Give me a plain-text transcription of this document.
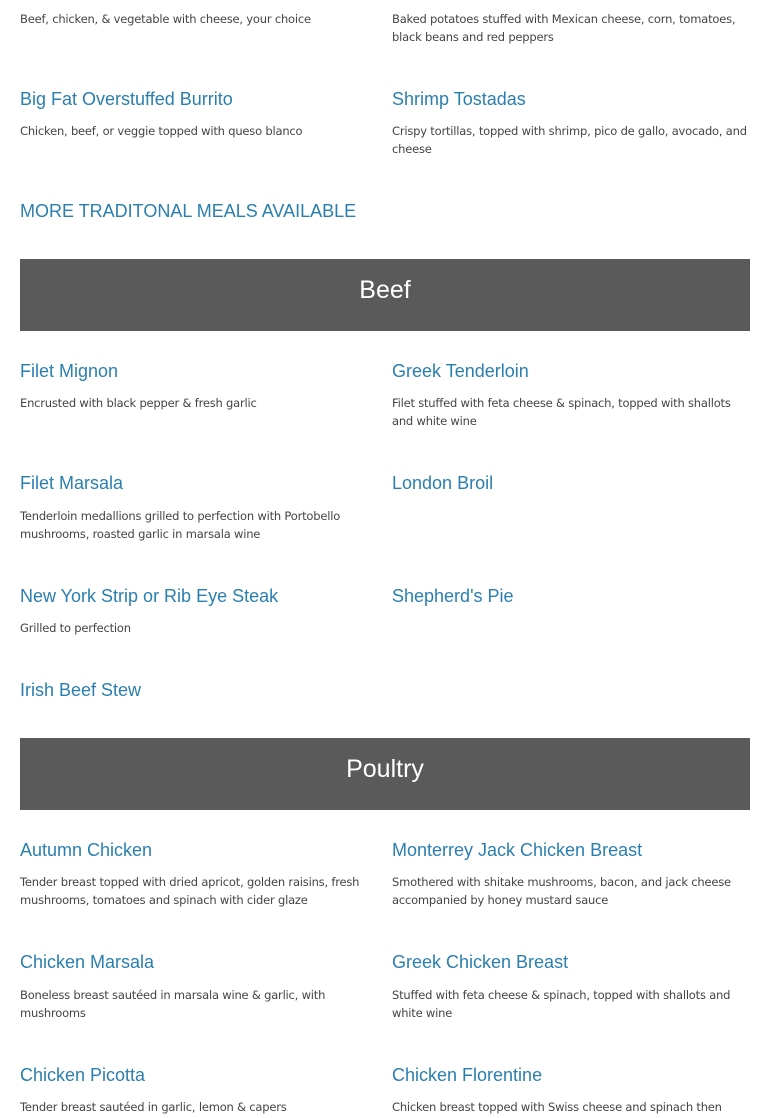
Beef, chicken, & vegetable with cheese, your choice	Baked potatoes stuffed with Mexican cheese, corn, tomatoes, black beans and red peppers
Big Fat Overstuffed Burrito
Chicken, beef, or veggie topped with queso blanco
Shrimp Tostadas
Crispy tortillas, topped with shrimp, pico de gallo, avocado, and cheese
MORE TRADITONAL MEALS AVAILABLE
Beef
Filet Mignon
Encrusted with black pepper & fresh garlic
Greek Tenderloin
Filet stuffed with feta cheese & spinach, topped with shallots and white wine
Filet Marsala
Tenderloin medallions grilled to perfection with Portobello mushrooms, roasted garlic in marsala wine
London Broil
New York Strip or Rib Eye Steak
Grilled to perfection
Shepherd's Pie
Irish Beef Stew
Poultry
Autumn Chicken
Tender breast topped with dried apricot, golden raisins, fresh mushrooms, tomatoes and spinach with cider glaze
Monterrey Jack Chicken Breast
Smothered with shitake mushrooms, bacon, and jack cheese accompanied by honey mustard sauce
Chicken Marsala
Boneless breast sautéed in marsala wine & garlic, with mushrooms
Greek Chicken Breast
Stuffed with feta cheese & spinach, topped with shallots and white wine
Chicken Picotta
Tender breast sautéed in garlic, lemon & capers
Chicken Florentine
Chicken breast topped with Swiss cheese and spinach then
